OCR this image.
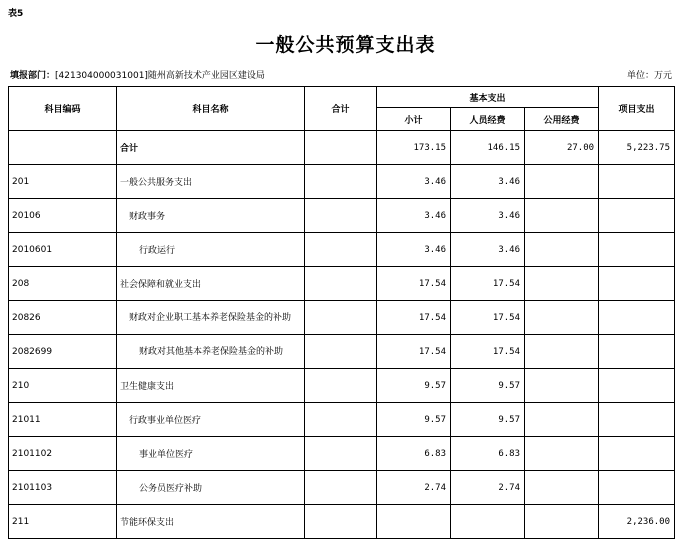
表5
一般公共预算支出表
填报部门：[421304000031001]随州高新技术产业园区建设局	单位：万元
科目编码	科目名称	合计	基本支出			项目支出
			小计	人员经费	公用经费	
	合计		173.15	146.15	27.00	5,223.75
201	一般公共服务支出		3.46	3.46		
20106	财政事务		3.46	3.46		
2010601	行政运行		3.46	3.46		
208	社会保障和就业支出		17.54	17.54		
20826	财政对企业职工基本养老保险基金的补助		17.54	17.54		
2082699	财政对其他基本养老保险基金的补助		17.54	17.54		
210	卫生健康支出		9.57	9.57		
21011	行政事业单位医疗		9.57	9.57		
2101102	事业单位医疗		6.83	6.83		
2101103	公务员医疗补助		2.74	2.74		
211	节能环保支出					2,236.00
